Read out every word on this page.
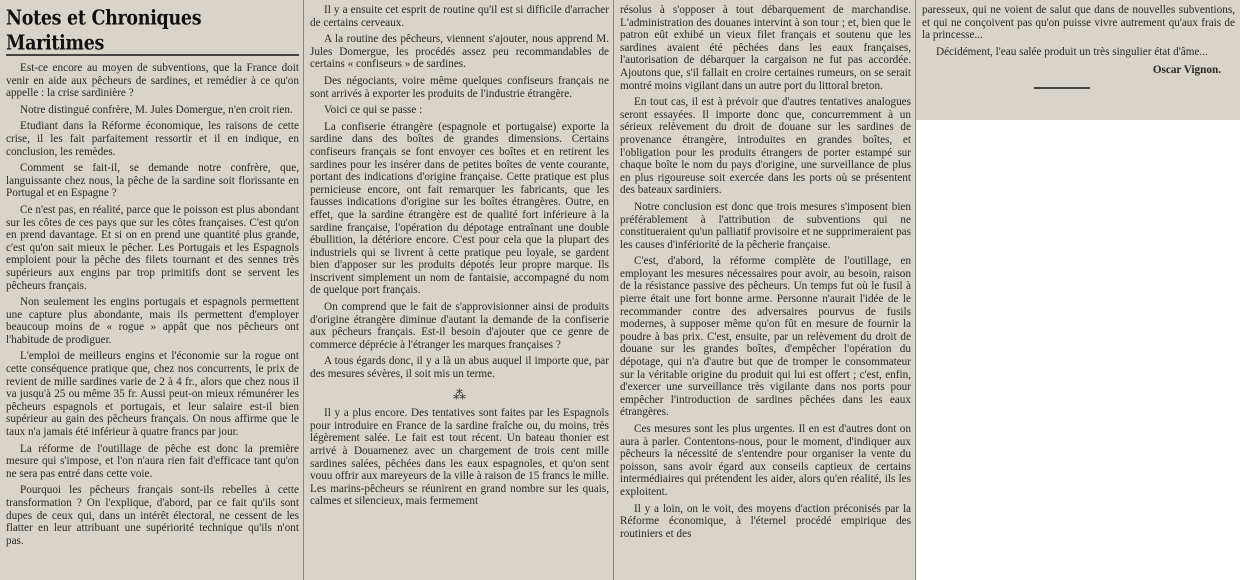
Notes et Chroniques Maritimes

Est-ce encore au moyen de subventions, que la France doit venir en aide aux pêcheurs de sardines, et remédier à ce qu'on appelle : la crise sardinière ?

Notre distingué confrère, M. Jules Domergue, n'en croit rien.

Etudiant dans la Réforme économique, les raisons de cette crise, il les fait parfaitement ressortir et il en indique, en conclusion, les remèdes.

Comment se fait-il, se demande notre confrère, que, languissante chez nous, la pêche de la sardine soit florissante en Portugal et en Espagne ?

Ce n'est pas, en réalité, parce que le poisson est plus abondant sur les côtes de ces pays que sur les côtes françaises. C'est qu'on en prend davantage. Et si on en prend une quantité plus grande, c'est qu'on sait mieux le pêcher. Les Portugais et les Espagnols emploient pour la pêche des filets tournant et des sennes très supérieurs aux engins par trop primitifs dont se servent les pêcheurs français.

Non seulement les engins portugais et espagnols permettent une capture plus abondante, mais ils permettent d'employer beaucoup moins de « rogue » appât que nos pêcheurs ont l'habitude de prodiguer.

L'emploi de meilleurs engins et l'économie sur la rogue ont cette conséquence pratique que, chez nos concurrents, le prix de revient de mille sardines varie de 2 à 4 fr., alors que chez nous il va jusqu'à 25 ou même 35 fr. Aussi peut-on mieux rémunérer les pêcheurs espagnols et portugais, et leur salaire est-il bien supérieur au gain des pêcheurs français. On nous affirme que le taux n'a jamais été inférieur à quatre francs par jour.

La réforme de l'outillage de pêche est donc la première mesure qui s'impose, et l'on n'aura rien fait d'efficace tant qu'on ne sera pas entré dans cette voie.

Pourquoi les pêcheurs français sont-ils rebelles à cette transformation ? On l'explique, d'abord, par ce fait qu'ils sont dupes de ceux qui, dans un intérêt électoral, ne cessent de les flatter en leur attribuant une supériorité technique qu'ils n'ont pas.

Il y a ensuite cet esprit de routine qu'il est si difficile d'arracher de certains cerveaux.

A la routine des pêcheurs, viennent s'ajouter, nous apprend M. Jules Domergue, les procédés assez peu recommandables de certains « confiseurs » de sardines.

Des négociants, voire même quelques confiseurs français ne sont arrivés à exporter les produits de l'industrie étrangère.

Voici ce qui se passe :

La confiserie étrangère (espagnole et portugaise) exporte la sardine dans des boîtes de grandes dimensions. Certains confiseurs français se font envoyer ces boîtes et en retirent les sardines pour les insérer dans de petites boîtes de vente courante, portant des indications d'origine française. Cette pratique est plus pernicieuse encore, ont fait remarquer les fabricants, que les fausses indications d'origine sur les boîtes étrangères. Outre, en effet, que la sardine étrangère est de qualité fort inférieure à la sardine française, l'opération du dépotage entraînant une double ébullition, la détériore encore. C'est pour cela que la plupart des industriels qui se livrent à cette pratique peu loyale, se gardent bien d'apposer sur les produits dépotés leur propre marque. Ils inscrivent simplement un nom de fantaisie, accompagné du nom de quelque port français.

On comprend que le fait de s'approvisionner ainsi de produits d'origine étrangère diminue d'autant la demande de la confiserie aux pêcheurs français. Est-il besoin d'ajouter que ce genre de commerce déprécie à l'étranger les marques françaises ?

A tous égards donc, il y a là un abus auquel il importe que, par des mesures sévères, il soit mis un terme.

⁂

Il y a plus encore. Des tentatives sont faites par les Espagnols pour introduire en France de la sardine fraîche ou, du moins, très légèrement salée. Le fait est tout récent. Un bateau thonier est arrivé à Douarnenez avec un chargement de trois cent mille sardines salées, pêchées dans les eaux espagnoles, et qu'on sent vouu offrir aux mareyeurs de la ville à raison de 15 francs le mille. Les marins-pêcheurs se réunirent en grand nombre sur les quais, calmes et silencieux, mais fermement

résolus à s'opposer à tout débarquement de marchandise. L'administration des douanes intervint à son tour ; et, bien que le patron eût exhibé un vieux filet français et soutenu que les sardines avaient été pêchées dans les eaux françaises, l'autorisation de débarquer la cargaison ne fut pas accordée. Ajoutons que, s'il fallait en croire certaines rumeurs, on se serait montré moins vigilant dans un autre port du littoral breton.

En tout cas, il est à prévoir que d'autres tentatives analogues seront essayées. Il importe donc que, concurremment à un sérieux relèvement du droit de douane sur les sardines de provenance étrangère, introduites en grandes boîtes, et l'obligation pour les produits étrangers de porter estampé sur chaque boîte le nom du pays d'origine, une surveillance de plus en plus rigoureuse soit exercée dans les ports où se présentent des bateaux sardiniers.

Notre conclusion est donc que trois mesures s'imposent bien préférablement à l'attribution de subventions qui ne constitueraient qu'un palliatif provisoire et ne supprimeraient pas les causes d'infériorité de la pêcherie française.

C'est, d'abord, la réforme complète de l'outillage, en employant les mesures nécessaires pour avoir, au besoin, raison de la résistance passive des pêcheurs. Un temps fut où le fusil à pierre était une fort bonne arme. Personne n'aurait l'idée de le recommander contre des adversaires pourvus de fusils modernes, à supposer même qu'on fût en mesure de fournir la poudre à bas prix. C'est, ensuite, par un relèvement du droit de douane sur les grandes boîtes, d'empêcher l'opération du dépotage, qui n'a d'autre but que de tromper le consommateur sur la véritable origine du produit qui lui est offert ; c'est, enfin, d'exercer une surveillance très vigilante dans nos ports pour empêcher l'introduction de sardines pêchées dans les eaux étrangères.

Ces mesures sont les plus urgentes. Il en est d'autres dont on aura à parler. Contentons-nous, pour le moment, d'indiquer aux pêcheurs la nécessité de s'entendre pour organiser la vente du poisson, sans avoir égard aux conseils captieux de certains intermédiaires qui prétendent les aider, alors qu'en réalité, ils les exploitent.

Il y a loin, on le voit, des moyens d'action préconisés par la Réforme économique, à l'éternel procédé empirique des routiniers et des

paresseux, qui ne voient de salut que dans de nouvelles subventions, et qui ne conçoivent pas qu'on puisse vivre autrement qu'aux frais de la princesse...

Décidément, l'eau salée produit un très singulier état d'âme...

Oscar Vignon.
